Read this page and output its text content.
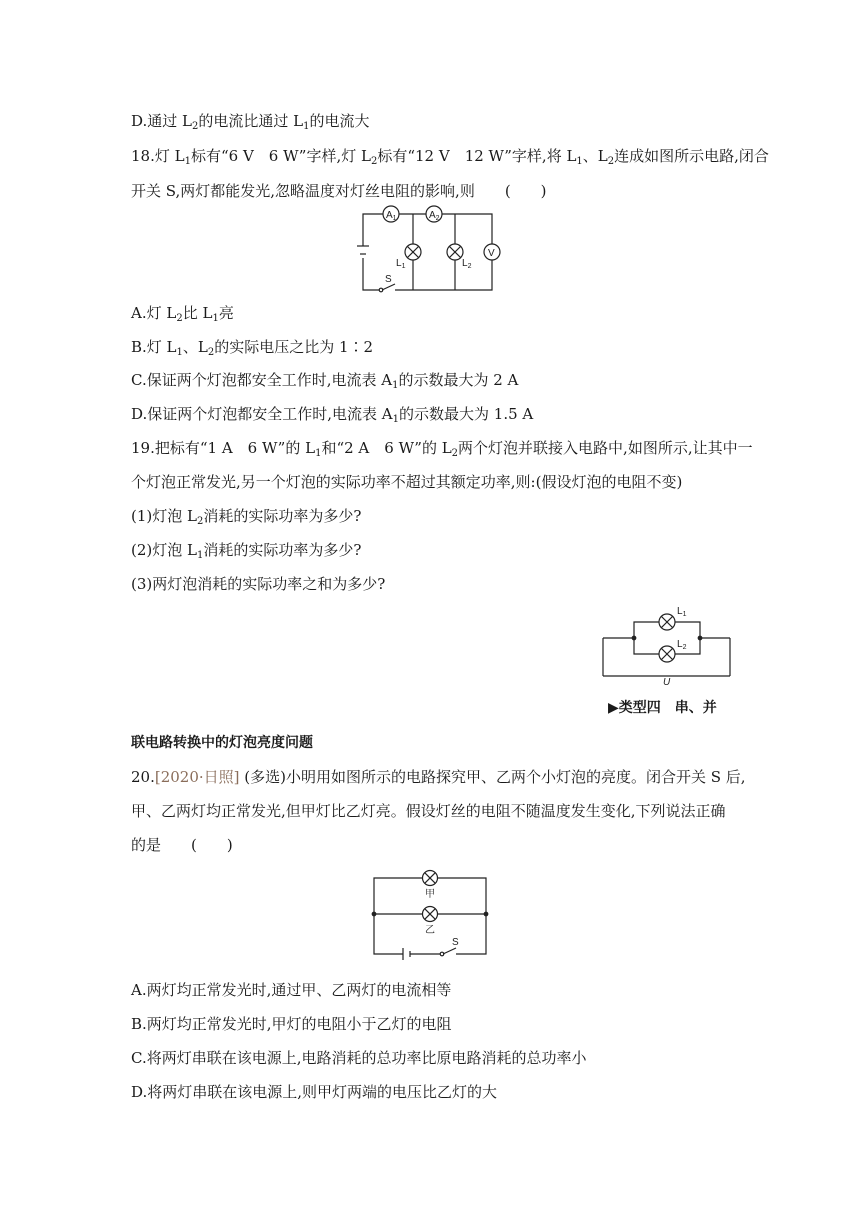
D.通过 $L_2$的电流比通过 $L_1$的电流大
18.灯 $L_1$标有“6 V　6 W”字样,灯 $L_2$标有“12 V　12 W”字样,将 $L_1$、$L_2$连成如图所示电路,闭合
开关 S,两灯都能发光,忽略温度对灯丝电阻的影响,则　　(　　)
$A_1$	$A_2$
$L_1$	$L_2$
V
S
A.灯 $L_2$比 $L_1$亮
B.灯 $L_1$、$L_2$的实际电压之比为 1∶2
C.保证两个灯泡都安全工作时,电流表 $A_1$的示数最大为 2 A
D.保证两个灯泡都安全工作时,电流表 $A_1$的示数最大为 1.5 A
19.把标有“1 A　6 W”的 $L_1$和“2 A　6 W”的 $L_2$两个灯泡并联接入电路中,如图所示,让其中一
个灯泡正常发光,另一个灯泡的实际功率不超过其额定功率,则:(假设灯泡的电阻不变)
(1)灯泡 $L_2$消耗的实际功率为多少?
(2)灯泡 $L_1$消耗的实际功率为多少?
(3)两灯泡消耗的实际功率之和为多少?
$L_1$
$L_2$
U
▶类型四　串、并
联电路转换中的灯泡亮度问题
20.[2020·日照] (多选)小明用如图所示的电路探究甲、乙两个小灯泡的亮度。闭合开关 S 后,
甲、乙两灯均正常发光,但甲灯比乙灯亮。假设灯丝的电阻不随温度发生变化,下列说法正确
的是　　(　　)
甲
乙
S
A.两灯均正常发光时,通过甲、乙两灯的电流相等
B.两灯均正常发光时,甲灯的电阻小于乙灯的电阻
C.将两灯串联在该电源上,电路消耗的总功率比原电路消耗的总功率小
D.将两灯串联在该电源上,则甲灯两端的电压比乙灯的大
